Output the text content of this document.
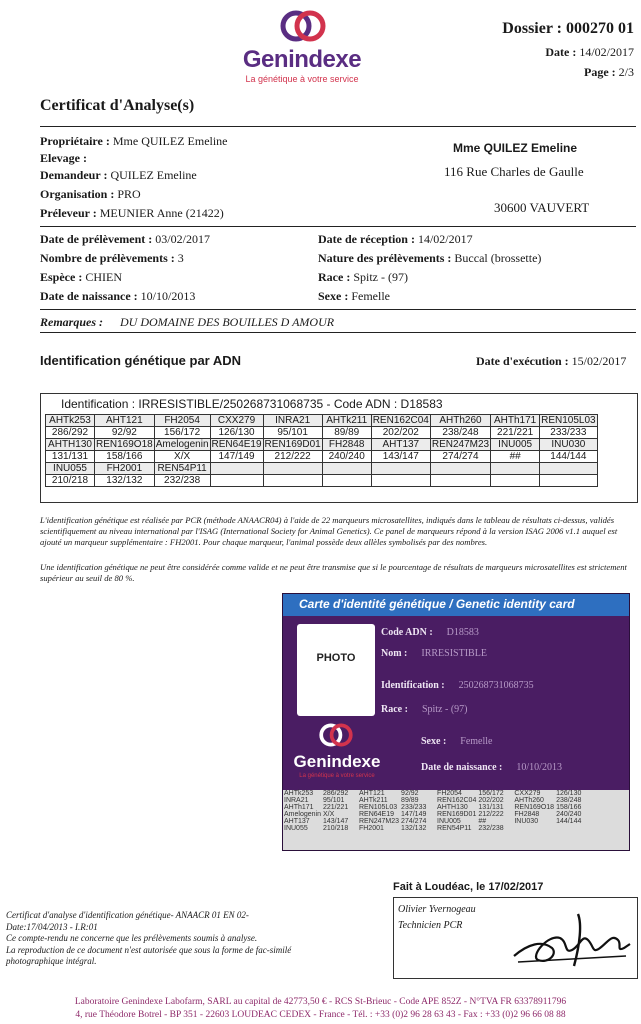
Genindexe
La génétique à votre service
Dossier : 000270 01
Date : 14/02/2017
Page : 2/3
Certificat d'Analyse(s)
Propriétaire : Mme QUILEZ Emeline
Elevage :
Demandeur : QUILEZ Emeline
Organisation : PRO
Préleveur : MEUNIER Anne (21422)
Mme QUILEZ Emeline
116 Rue Charles de Gaulle
30600 VAUVERT
Date de prélèvement : 03/02/2017
Nombre de prélèvements : 3
Espèce : CHIEN
Date de naissance : 10/10/2013
Date de réception : 14/02/2017
Nature des prélèvements : Buccal (brossette)
Race : Spitz - (97)
Sexe : Femelle
Remarques : DU DOMAINE DES BOUILLES D AMOUR
Identification génétique par ADN	Date d'exécution : 15/02/2017
Identification : IRRESISTIBLE/250268731068735 - Code ADN : D18583
AHTk253	AHT121	FH2054	CXX279	INRA21	AHTk211	REN162C04	AHTh260	AHTh171	REN105L03
286/292	92/92	156/172	126/130	95/101	89/89	202/202	238/248	221/221	233/233
AHTH130	REN169O18	Amelogenin	REN64E19	REN169D01	FH2848	AHT137	REN247M23	INU005	INU030
131/131	158/166	X/X	147/149	212/222	240/240	143/147	274/274	##	144/144
INU055	FH2001	REN54P11							
210/218	132/132	232/238							
L'identification génétique est réalisée par PCR (méthode ANAACR04) à l'aide de 22 marqueurs microsatellites, indiqués dans le tableau de résultats ci-dessus, validés scientifiquement au niveau international par l'ISAG (International Society for Animal Genetics). Ce panel de marqueurs répond à la version ISAG 2006 v1.1 auquel est ajouté un marqueur supplémentaire : FH2001. Pour chaque marqueur, l'animal possède deux allèles symbolisés par des nombres.
Une identification génétique ne peut être considérée comme valide et ne peut être transmise que si le pourcentage de résultats de marqueurs microsatellites est strictement supérieur au seuil de 80 %.
Carte d'identité génétique / Genetic identity card
PHOTO
Code ADN : D18583
Nom : IRRESISTIBLE
Identification : 250268731068735
Race : Spitz - (97)
Sexe : Femelle
Date de naissance : 10/10/2013
Genindexe
La génétique à votre service
AHTk253	286/292	AHT121	92/92	FH2054	156/172	CXX279	126/130
INRA21	95/101	AHTk211	89/89	REN162C04	202/202	AHTh260	238/248
AHTh171	221/221	REN105L03	233/233	AHTH130	131/131	REN169O18	158/166
Amelogenin	X/X	REN64E19	147/149	REN169D01	212/222	FH2848	240/240
AHT137	143/147	REN247M23	274/274	INU005	##	INU030	144/144
INU055	210/218	FH2001	132/132	REN54P11	232/238		
Fait à Loudéac, le 17/02/2017
Olivier Yvernogeau
Technicien PCR
Certificat d'analyse d'identification génétique- ANAACR 01 EN 02-
Date:17/04/2013 - I.R:01
Ce compte-rendu ne concerne que les prélèvements soumis à analyse.
La reproduction de ce document n'est autorisée que sous la forme de fac-similé
photographique intégral.
Laboratoire Genindexe Labofarm, SARL au capital de 42773,50 € - RCS St-Brieuc - Code APE 852Z - N°TVA FR 63378911796
4, rue Théodore Botrel - BP 351 - 22603 LOUDEAC CEDEX - France - Tél. : +33 (0)2 96 28 63 43 - Fax : +33 (0)2 96 66 08 88
